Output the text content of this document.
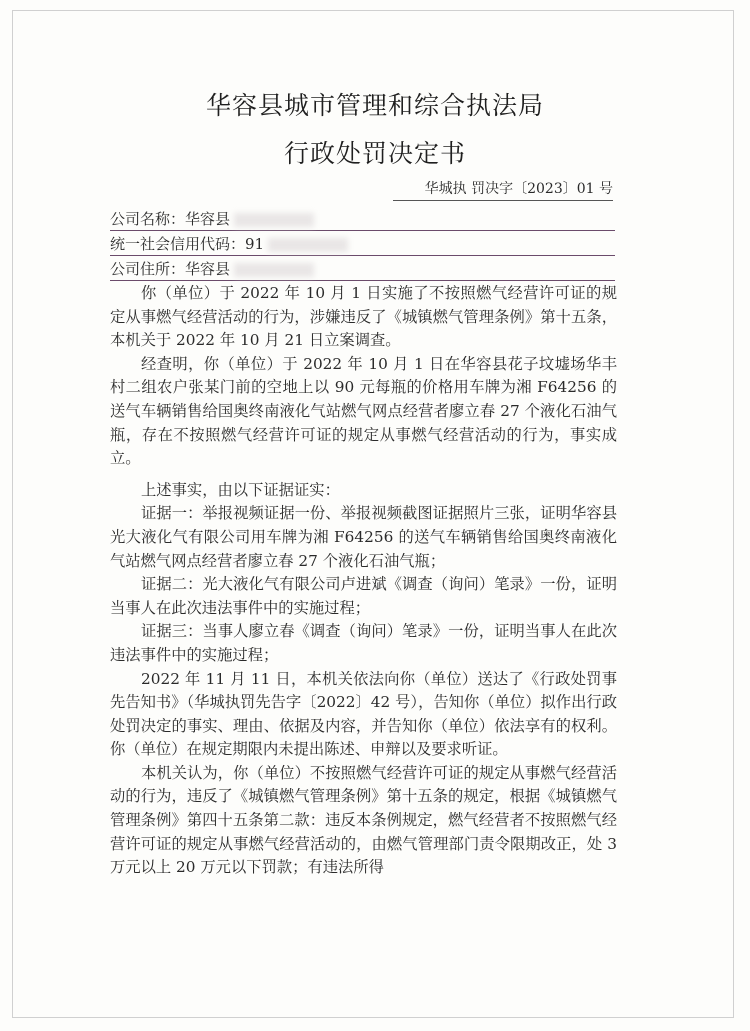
华容县城市管理和综合执法局
行政处罚决定书
华城执 罚决字〔2023〕01 号
公司名称：华容县
统一社会信用代码：91
公司住所：华容县

你（单位）于 2022 年 10 月 1 日实施了不按照燃气经营许可证的规定从事燃气经营活动的行为，涉嫌违反了《城镇燃气管理条例》第十五条，本机关于 2022 年 10 月 21 日立案调查。

经查明，你（单位）于 2022 年 10 月 1 日在华容县花子坟墟场华丰村二组农户张某门前的空地上以 90 元每瓶的价格用车牌为湘 F64256 的送气车辆销售给国奥终南液化气站燃气网点经营者廖立春 27 个液化石油气瓶，存在不按照燃气经营许可证的规定从事燃气经营活动的行为，事实成立。

上述事实，由以下证据证实：

证据一：举报视频证据一份、举报视频截图证据照片三张，证明华容县光大液化气有限公司用车牌为湘 F64256 的送气车辆销售给国奥终南液化气站燃气网点经营者廖立春 27 个液化石油气瓶；

证据二：光大液化气有限公司卢进斌《调查（询问）笔录》一份，证明当事人在此次违法事件中的实施过程；

证据三：当事人廖立春《调查（询问）笔录》一份，证明当事人在此次违法事件中的实施过程；

2022 年 11 月 11 日，本机关依法向你（单位）送达了《行政处罚事先告知书》（华城执罚先告字〔2022〕42 号），告知你（单位）拟作出行政处罚决定的事实、理由、依据及内容，并告知你（单位）依法享有的权利。你（单位）在规定期限内未提出陈述、申辩以及要求听证。

本机关认为，你（单位）不按照燃气经营许可证的规定从事燃气经营活动的行为，违反了《城镇燃气管理条例》第十五条的规定，根据《城镇燃气管理条例》第四十五条第二款：违反本条例规定，燃气经营者不按照燃气经营许可证的规定从事燃气经营活动的，由燃气管理部门责令限期改正，处 3 万元以上 20 万元以下罚款；有违法所得
